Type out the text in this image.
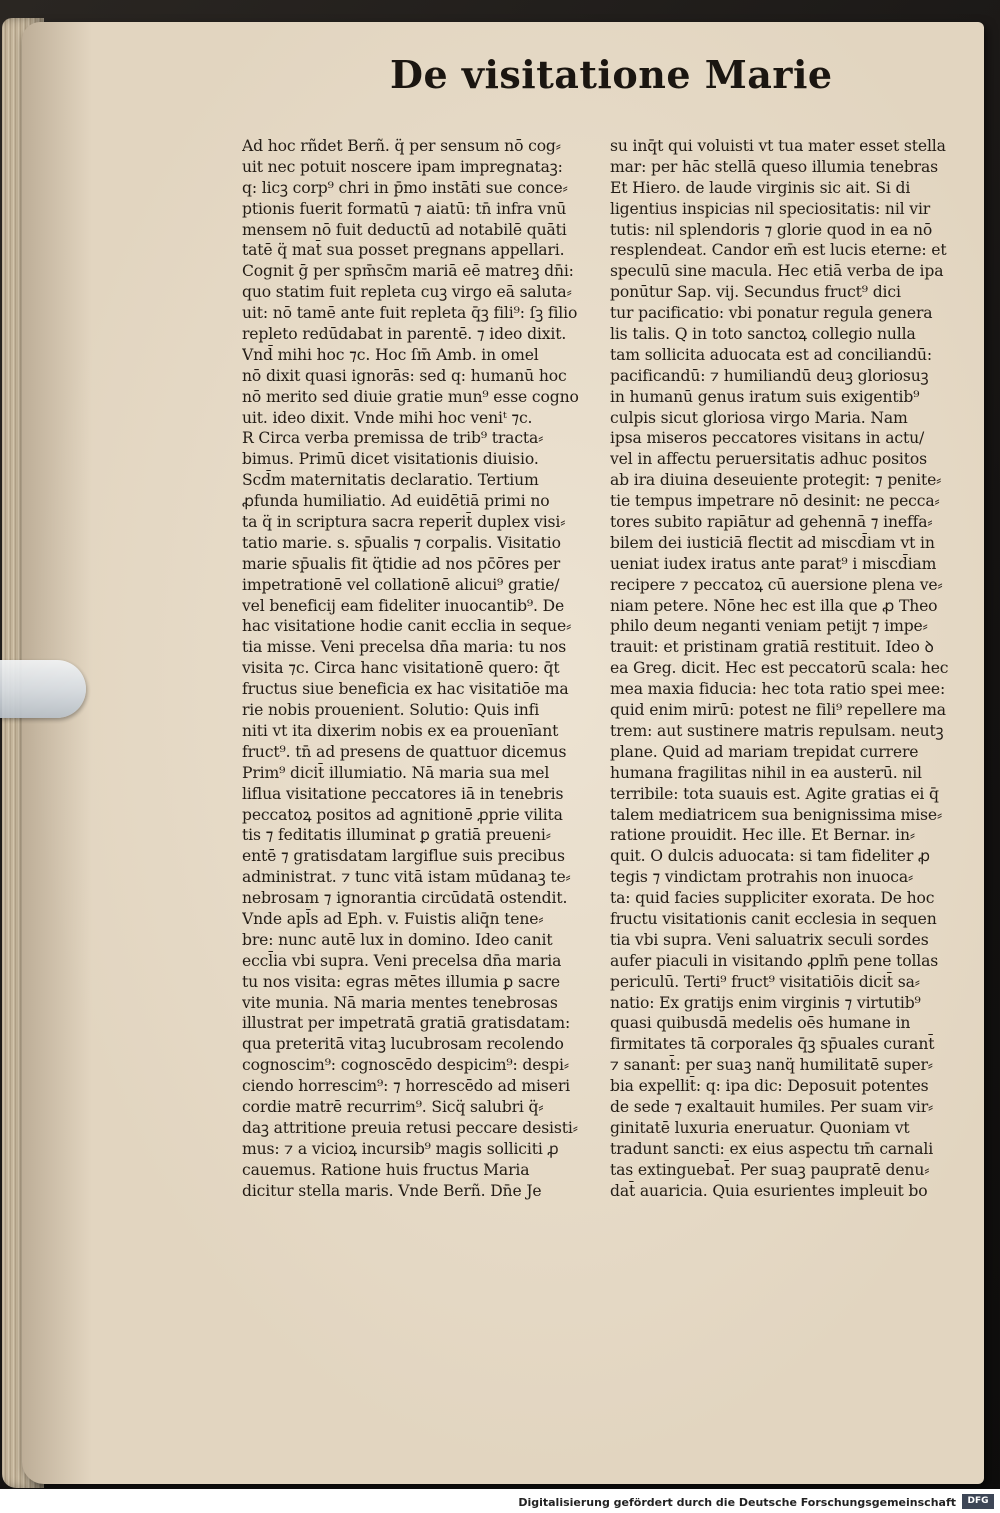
De visitatione Marie
Ad hoc rñdet Berñ. q̈ per sensum nō cog⸗
uit nec potuit noscere ipam impregnataꝫ:
q: licꝫ corp⁹ chri in p̄mo instāti sue conce⸗
ptionis fuerit formatū ⁊ aiatū: tn̄ infra vnū
mensem nō fuit deductū ad notabilē quāti
tatē q̈ mat̄ sua posset pregnans appellari.
Cognit ḡ per spm̄sc̄m mariā eē matreꝫ dn̄i:
quo statim fuit repleta cuꝫ virgo eā saluta⸗
uit: nō tamē ante fuit repleta q̄ꝫ fili⁹: ſꝫ filio
repleto redūdabat in parentē. ⁊ ideo dixit.
Vnd̄ mihi hoc ⁊c. Hoc ſm̄ Amb. in omel
nō dixit quasi ignorās: sed q: humanū hoc
nō merito sed diuie gratie mun⁹ esse cogno
uit. ideo dixit. Vnde mihi hoc veniᵗ ⁊c.
R Circa verba premissa de trib⁹ tracta⸗
bimus. Primū dicet visitationis diuisio.
Scd̄m maternitatis declaratio. Tertium
ꝓfunda humiliatio. Ad euidētiā primi no
ta q̈ in scriptura sacra reperit̄ duplex visi⸗
tatio marie. s. sp̄ualis ⁊ corpalis. Visitatio
marie sp̄ualis fit q̈tidie ad nos pc̄ōres per
impetrationē vel collationē alicui⁹ gratie/
vel beneficij eam fideliter inuocantib⁹. De
hac visitatione hodie canit ecclia in seque⸗
tia misse. Veni precelsa dn̄a maria: tu nos
visita ⁊c. Circa hanc visitationē quero: q̄t
fructus siue beneficia ex hac visitatiōe ma
rie nobis prouenient. Solutio: Quis infi
niti vt ita dixerim nobis ex ea prouenīant
fruct⁹. tn̄ ad presens de quattuor dicemus
Prim⁹ dicit̄ illumiatio. Nā maria sua mel
liflua visitatione peccatores iā in tenebris
peccatoꝝ positos ad agnitionē ꝓprie vilita
tis ⁊ feditatis illuminat ꝑ gratiā preueni⸗
entē ⁊ gratisdatam largiflue suis precibus
administrat. ⁊ tunc vitā istam mūdanaꝫ te⸗
nebrosam ⁊ ignorantia circūdatā ostendit.
Vnde apl̄s ad Eph. v. Fuistis aliq̄n tene⸗
bre: nunc autē lux in domino. Ideo canit
eccl̄ia vbi supra. Veni precelsa dn̄a maria
tu nos visita: egras mētes illumia ꝑ sacre
vite munia. Nā maria mentes tenebrosas
illustrat per impetratā gratiā gratisdatam:
qua preteritā vitaꝫ lucubrosam recolendo
cognoscim⁹: cognoscēdo despicim⁹: despi⸗
ciendo horrescim⁹: ⁊ horrescēdo ad miseri
cordie matrē recurrim⁹. Sicq̈ salubri q̈⸗
daꝫ attritione preuia retusi peccare desisti⸗
mus: ⁊ a vicioꝝ incursib⁹ magis solliciti ꝓ
cauemus. Ratione huis fructus Maria
dicitur stella maris. Vnde Berñ. Dn̄e Je
su inq̄t qui voluisti vt tua mater esset stella
mar: per hāc stellā queso illumia tenebras
Et Hiero. de laude virginis sic ait. Si di
ligentius inspicias nil speciositatis: nil vir
tutis: nil splendoris ⁊ glorie quod in ea nō
resplendeat. Candor em̄ est lucis eterne: et
speculū sine macula. Hec etiā verba de ipa
ponūtur Sap. vij. Secundus fruct⁹ dici
tur pacificatio: vbi ponatur regula genera
lis talis. Q in toto sanctoꝝ collegio nulla
tam sollicita aduocata est ad conciliandū:
pacificandū: ⁊ humiliandū deuꝫ gloriosuꝫ
in humanū genus iratum suis exigentib⁹
culpis sicut gloriosa virgo Maria. Nam
ipsa miseros peccatores visitans in actu/
vel in affectu peruersitatis adhuc positos
ab ira diuina deseuiente protegit: ⁊ penite⸗
tie tempus impetrare nō desinit: ne pecca⸗
tores subito rapiātur ad gehennā ⁊ ineffa⸗
bilem dei iusticiā flectit ad miscd̄iam vt in
ueniat iudex iratus ante parat⁹ i miscd̄iam
recipere ⁊ peccatoꝝ cū auersione plena ve⸗
niam petere. Nōne hec est illa que ꝓ Theo
philo deum neganti veniam petijt ⁊ impe⸗
trauit: et pristinam gratiā restituit. Ideo ꝺ
ea Greg. dicit. Hec est peccatorū scala: hec
mea maxia fiducia: hec tota ratio spei mee:
quid enim mirū: potest ne fili⁹ repellere ma
trem: aut sustinere matris repulsam. neutꝫ
plane. Quid ad mariam trepidat currere
humana fragilitas nihil in ea austerū. nil
terribile: tota suauis est. Agite gratias ei q̄
talem mediatricem sua benignissima mise⸗
ratione prouidit. Hec ille. Et Bernar. in⸗
quit. O dulcis aduocata: si tam fideliter ꝓ
tegis ⁊ vindictam protrahis non inuoca⸗
ta: quid facies suppliciter exorata. De hoc
fructu visitationis canit ecclesia in sequen
tia vbi supra. Veni saluatrix seculi sordes
aufer piaculi in visitando ꝓplm̄ pene tollas
periculū. Terti⁹ fruct⁹ visitatiōis dicit̄ sa⸗
natio: Ex gratijs enim virginis ⁊ virtutib⁹
quasi quibusdā medelis oēs humane in
firmitates tā corporales q̄ꝫ sp̄uales curant̄
⁊ sanant̄: per suaꝫ nanq̈ humilitatē super⸗
bia expellit̄: q: ipa dic: Deposuit potentes
de sede ⁊ exaltauit humiles. Per suam vir⸗
ginitatē luxuria eneruatur. Quoniam vt
tradunt sancti: ex eius aspectu tm̄ carnali
tas extinguebat̄. Per suaꝫ paupratē denu⸗
dat̄ auaricia. Quia esurientes impleuit bo
Digitalisierung gefördert durch die Deutsche Forschungsgemeinschaft	DFG
